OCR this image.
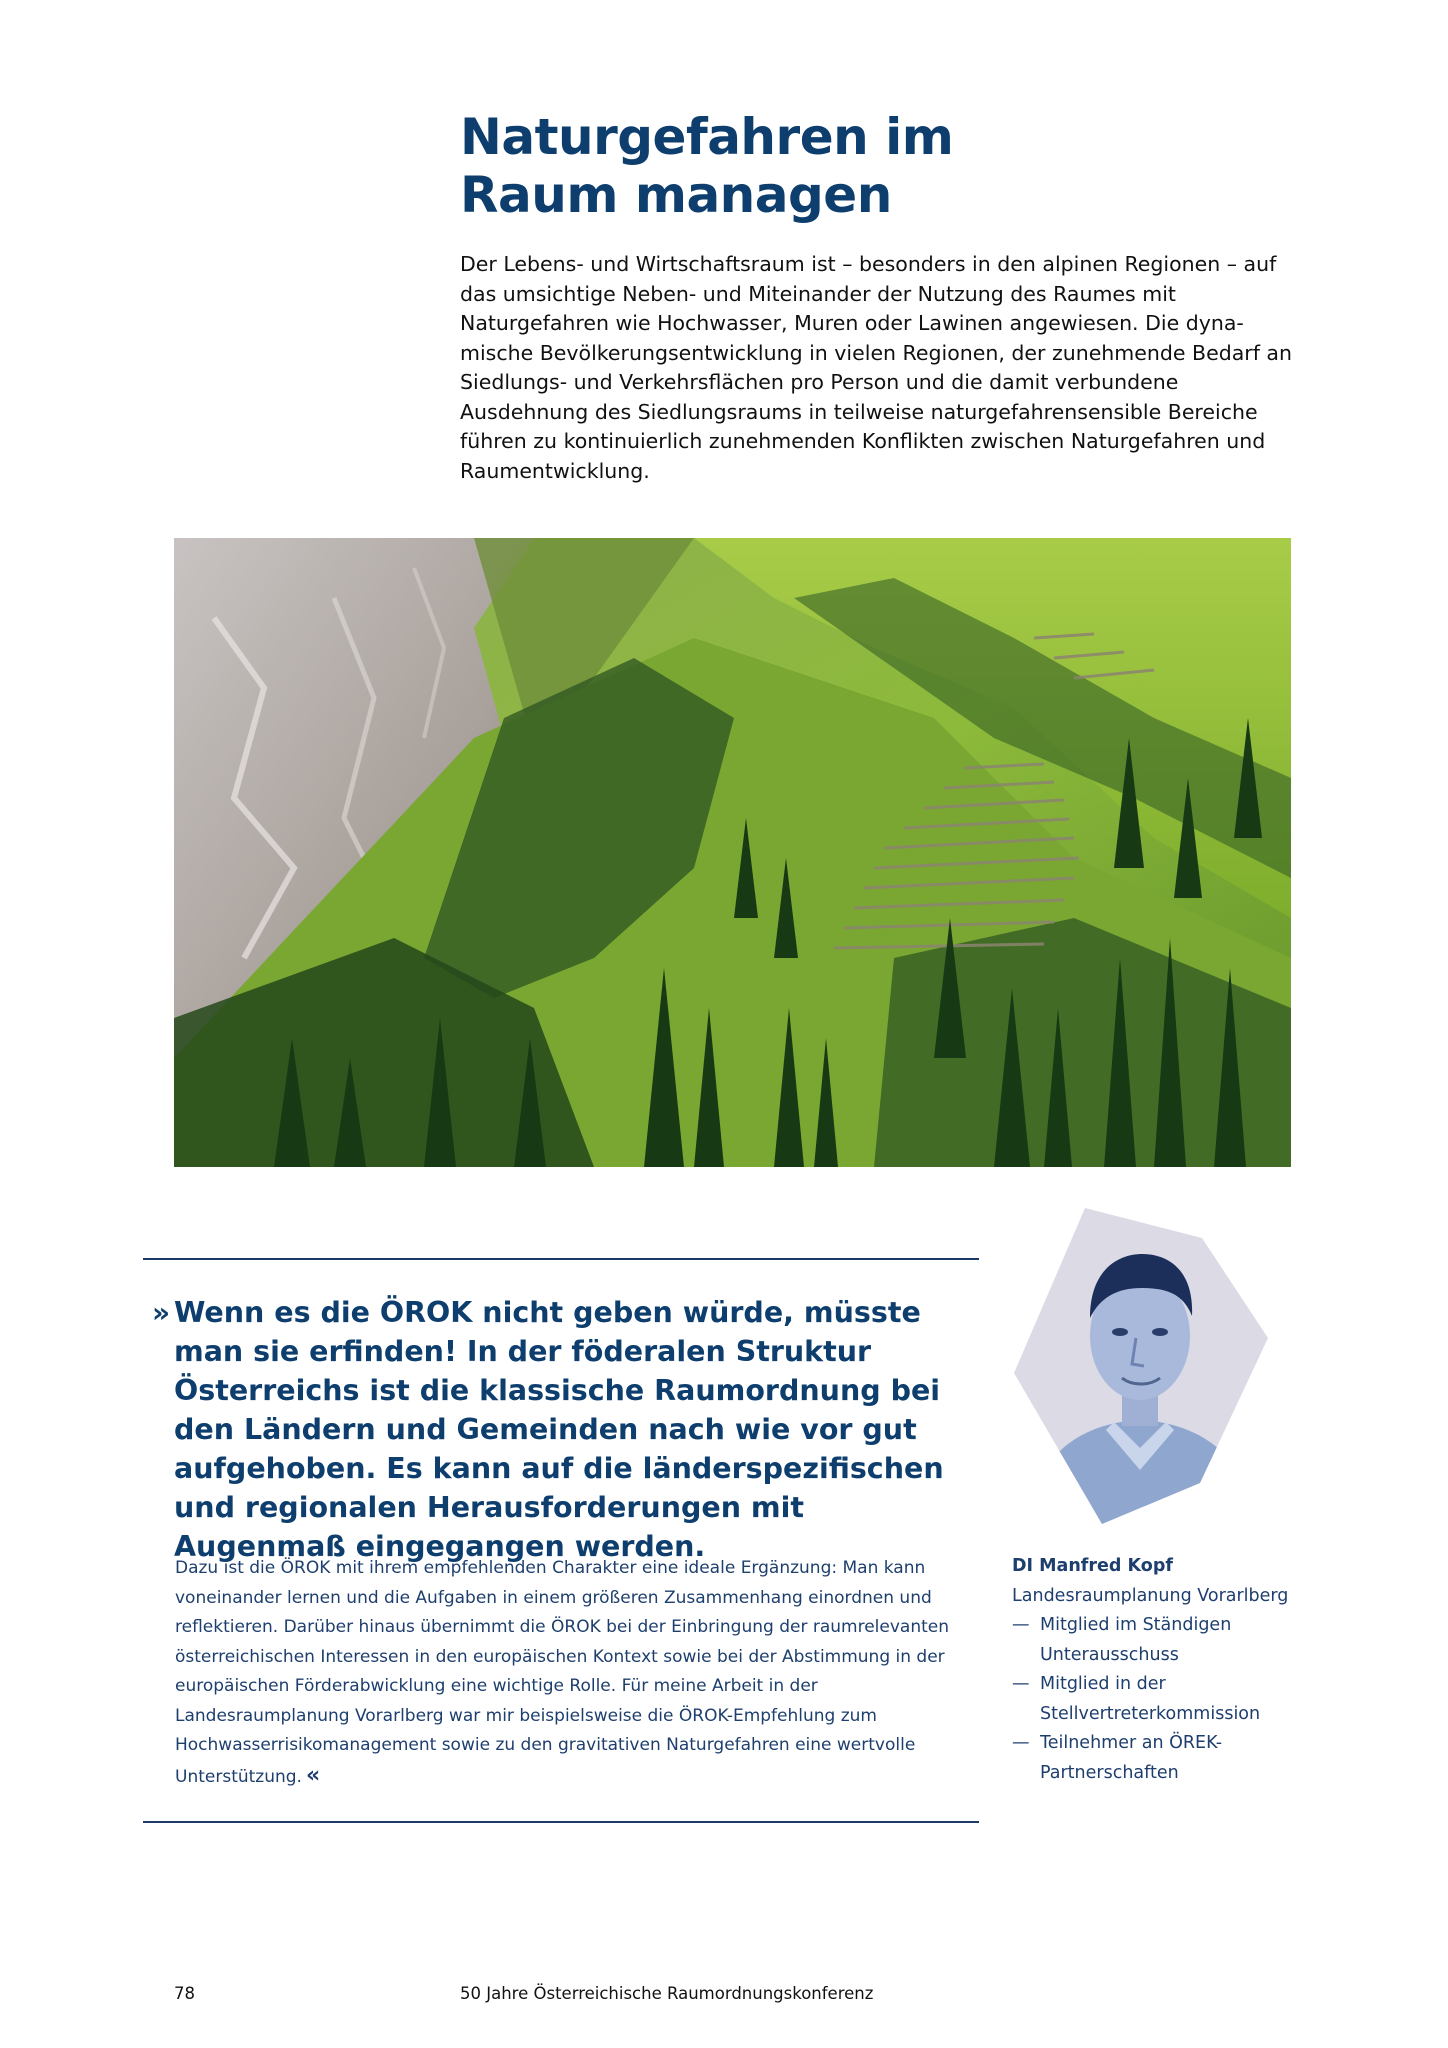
Naturgefahren im
Raum managen

Der Lebens- und Wirtschaftsraum ist – besonders in den alpinen Regionen – auf das umsichtige Neben- und Miteinander der Nutzung des Raumes mit Naturgefahren wie Hochwasser, Muren oder Lawinen angewiesen. Die dynamische Bevölkerungsentwicklung in vielen Regionen, der zunehmende Bedarf an Siedlungs- und Verkehrsflächen pro Person und die damit verbundene Ausdehnung des Siedlungsraums in teilweise naturgefahrensensible Bereiche führen zu kontinuierlich zunehmenden Konflikten zwischen Naturgefahren und Raumentwicklung.

» Wenn es die ÖROK nicht geben würde, müsste man sie erfinden! In der föderalen Struktur Österreichs ist die klassische Raumordnung bei den Ländern und Gemeinden nach wie vor gut aufgehoben. Es kann auf die länderspezifischen und regionalen Herausforderungen mit Augenmaß eingegangen werden.

Dazu ist die ÖROK mit ihrem empfehlenden Charakter eine ideale Ergänzung: Man kann voneinander lernen und die Aufgaben in einem größeren Zusammenhang einordnen und reflektieren. Darüber hinaus übernimmt die ÖROK bei der Einbringung der raumrelevanten österreichischen Interessen in den europäischen Kontext sowie bei der Abstimmung in der europäischen Förderabwicklung eine wichtige Rolle. Für meine Arbeit in der Landesraumplanung Vorarlberg war mir beispielsweise die ÖROK-Empfehlung zum Hochwasserrisikomanagement sowie zu den gravitativen Naturgefahren eine wertvolle Unterstützung. «

DI Manfred Kopf
Landesraumplanung Vorarlberg
— Mitglied im Ständigen Unterausschuss
— Mitglied in der Stellvertreterkommission
— Teilnehmer an ÖREK-Partnerschaften
78	50 Jahre Österreichische Raumordnungskonferenz
